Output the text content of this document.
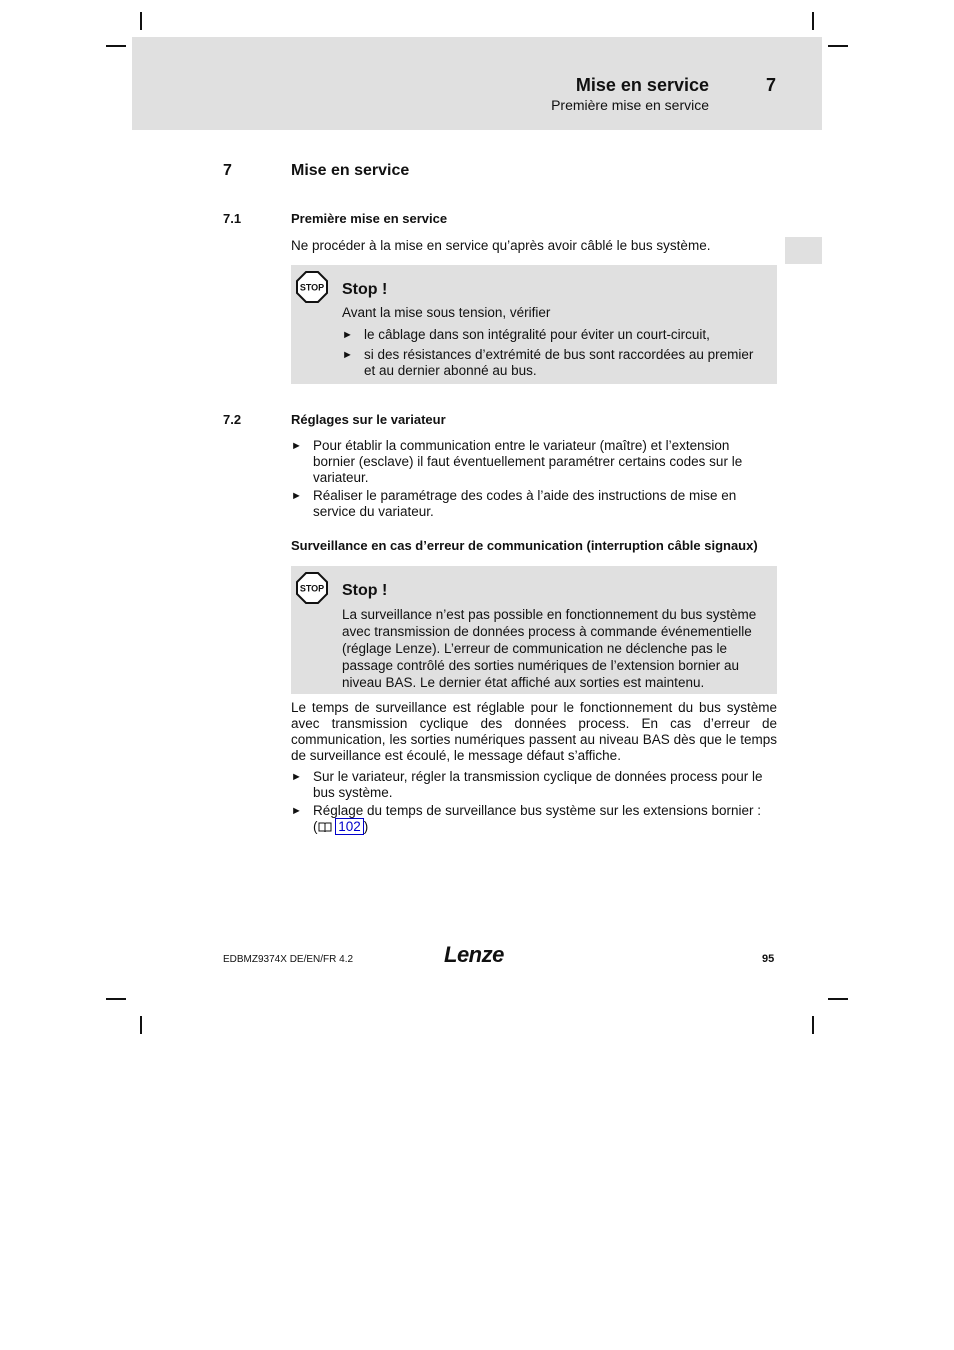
Mise en service	7
Première mise en service
7	Mise en service
7.1	Première mise en service
Ne procéder à la mise en service qu’après avoir câblé le bus système.
STOP Stop !
Avant la mise sous tension, vérifier
► le câblage dans son intégralité pour éviter un court-circuit,
► si des résistances d’extrémité de bus sont raccordées au premier et au dernier abonné au bus.
7.2	Réglages sur le variateur
► Pour établir la communication entre le variateur (maître) et l’extension bornier (esclave) il faut éventuellement paramétrer certains codes sur le variateur.
► Réaliser le paramétrage des codes à l’aide des instructions de mise en service du variateur.
Surveillance en cas d’erreur de communication (interruption câble signaux)
STOP Stop !
La surveillance n’est pas possible en fonctionnement du bus système avec transmission de données process à commande événementielle (réglage Lenze). L’erreur de communication ne déclenche pas le passage contrôlé des sorties numériques de l’extension bornier au niveau BAS. Le dernier état affiché aux sorties est maintenu.
Le temps de surveillance est réglable pour le fonctionnement du bus système avec transmission cyclique des données process. En cas d’erreur de communication, les sorties numériques passent au niveau BAS dès que le temps de surveillance est écoulé, le message défaut s’affiche.
► Sur le variateur, régler la transmission cyclique de données process pour le bus système.
► Réglage du temps de surveillance bus système sur les extensions bornier :
( 102 )
EDBMZ9374X DE/EN/FR 4.2	Lenze	95
